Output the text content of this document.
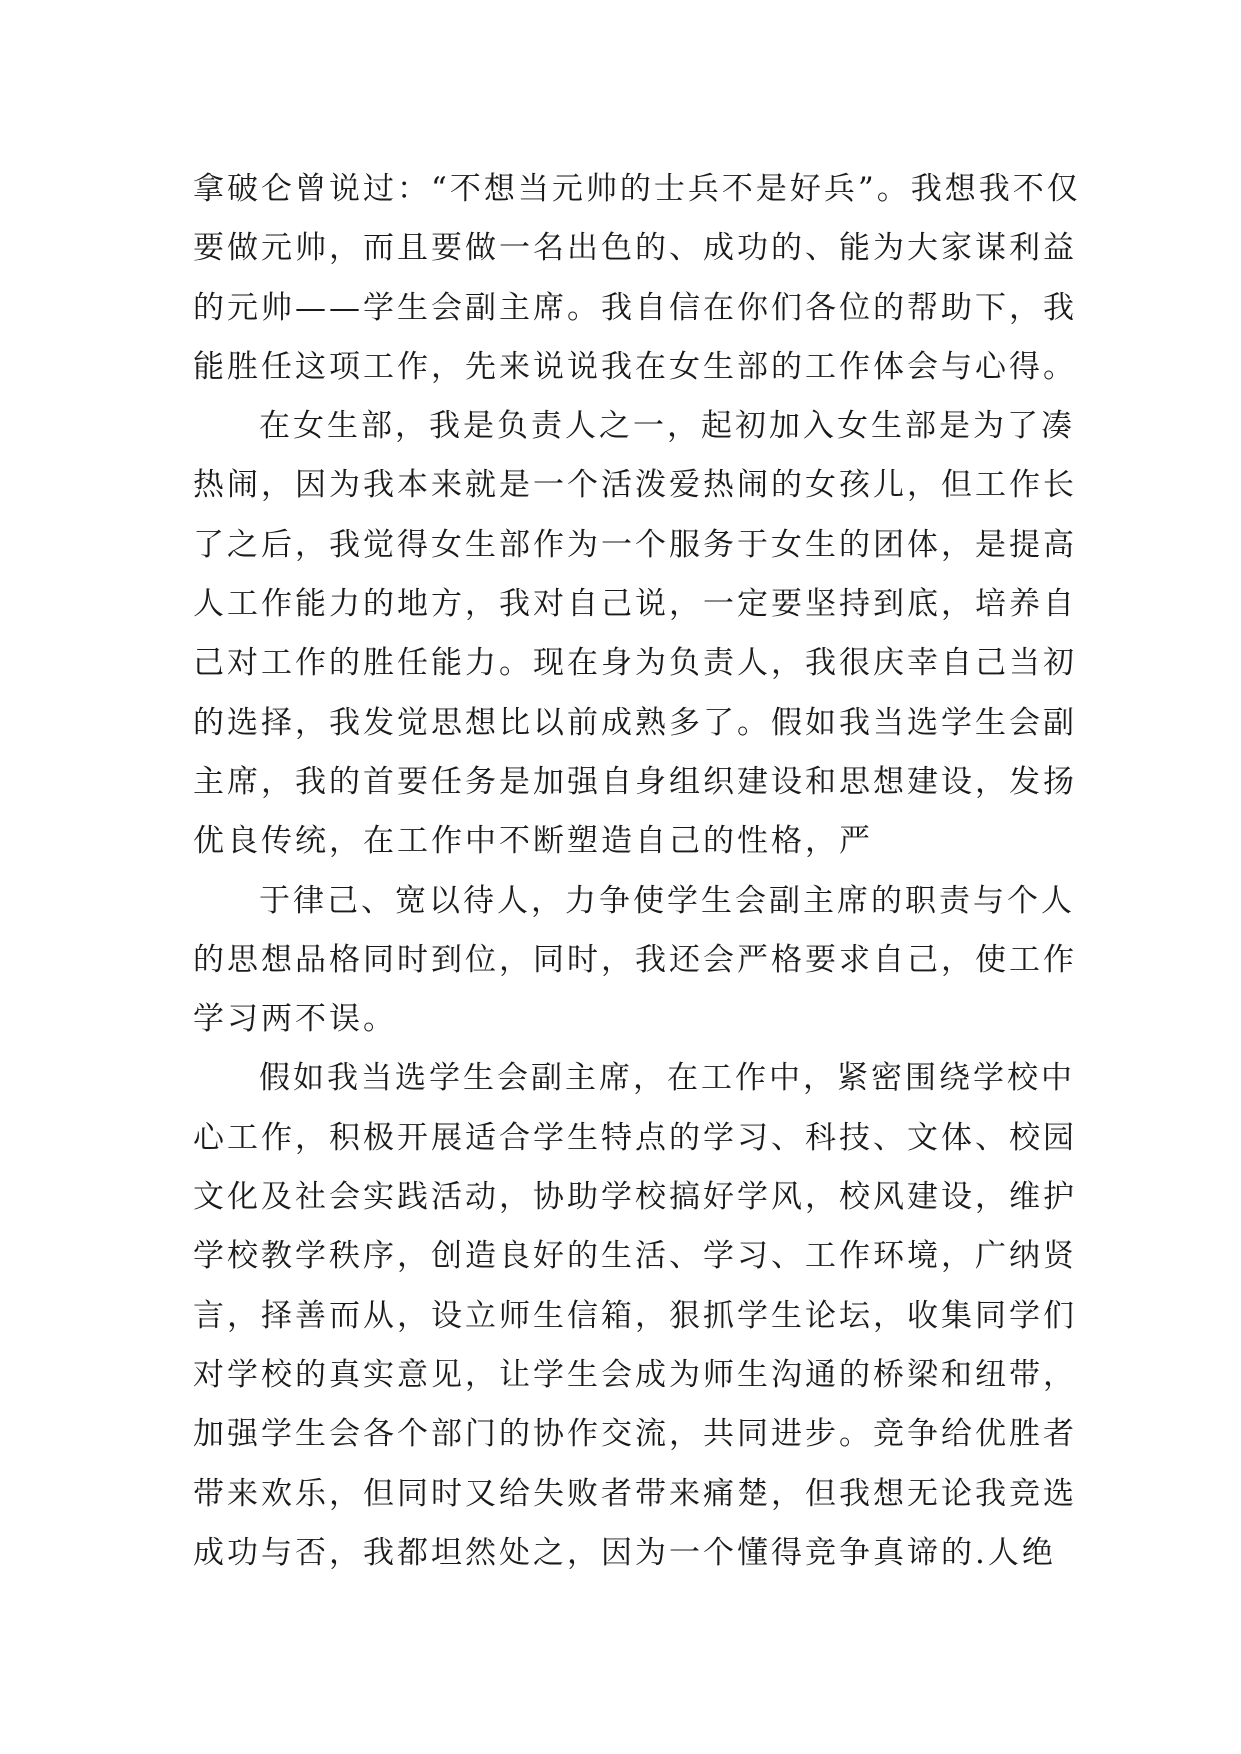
拿破仑曾说过：“不想当元帅的士兵不是好兵”。我想我不仅
要做元帅，而且要做一名出色的、成功的、能为大家谋利益
的元帅——学生会副主席。我自信在你们各位的帮助下，我
能胜任这项工作，先来说说我在女生部的工作体会与心得。
在女生部，我是负责人之一，起初加入女生部是为了凑
热闹，因为我本来就是一个活泼爱热闹的女孩儿，但工作长
了之后，我觉得女生部作为一个服务于女生的团体，是提高
人工作能力的地方，我对自己说，一定要坚持到底，培养自
己对工作的胜任能力。现在身为负责人，我很庆幸自己当初
的选择，我发觉思想比以前成熟多了。假如我当选学生会副
主席，我的首要任务是加强自身组织建设和思想建设，发扬
优良传统，在工作中不断塑造自己的性格，严
于律己、宽以待人，力争使学生会副主席的职责与个人
的思想品格同时到位，同时，我还会严格要求自己，使工作
学习两不误。
假如我当选学生会副主席，在工作中，紧密围绕学校中
心工作，积极开展适合学生特点的学习、科技、文体、校园
文化及社会实践活动，协助学校搞好学风，校风建设，维护
学校教学秩序，创造良好的生活、学习、工作环境，广纳贤
言，择善而从，设立师生信箱，狠抓学生论坛，收集同学们
对学校的真实意见，让学生会成为师生沟通的桥梁和纽带，
加强学生会各个部门的协作交流，共同进步。竞争给优胜者
带来欢乐，但同时又给失败者带来痛楚，但我想无论我竞选
成功与否，我都坦然处之，因为一个懂得竞争真谛的.人绝
